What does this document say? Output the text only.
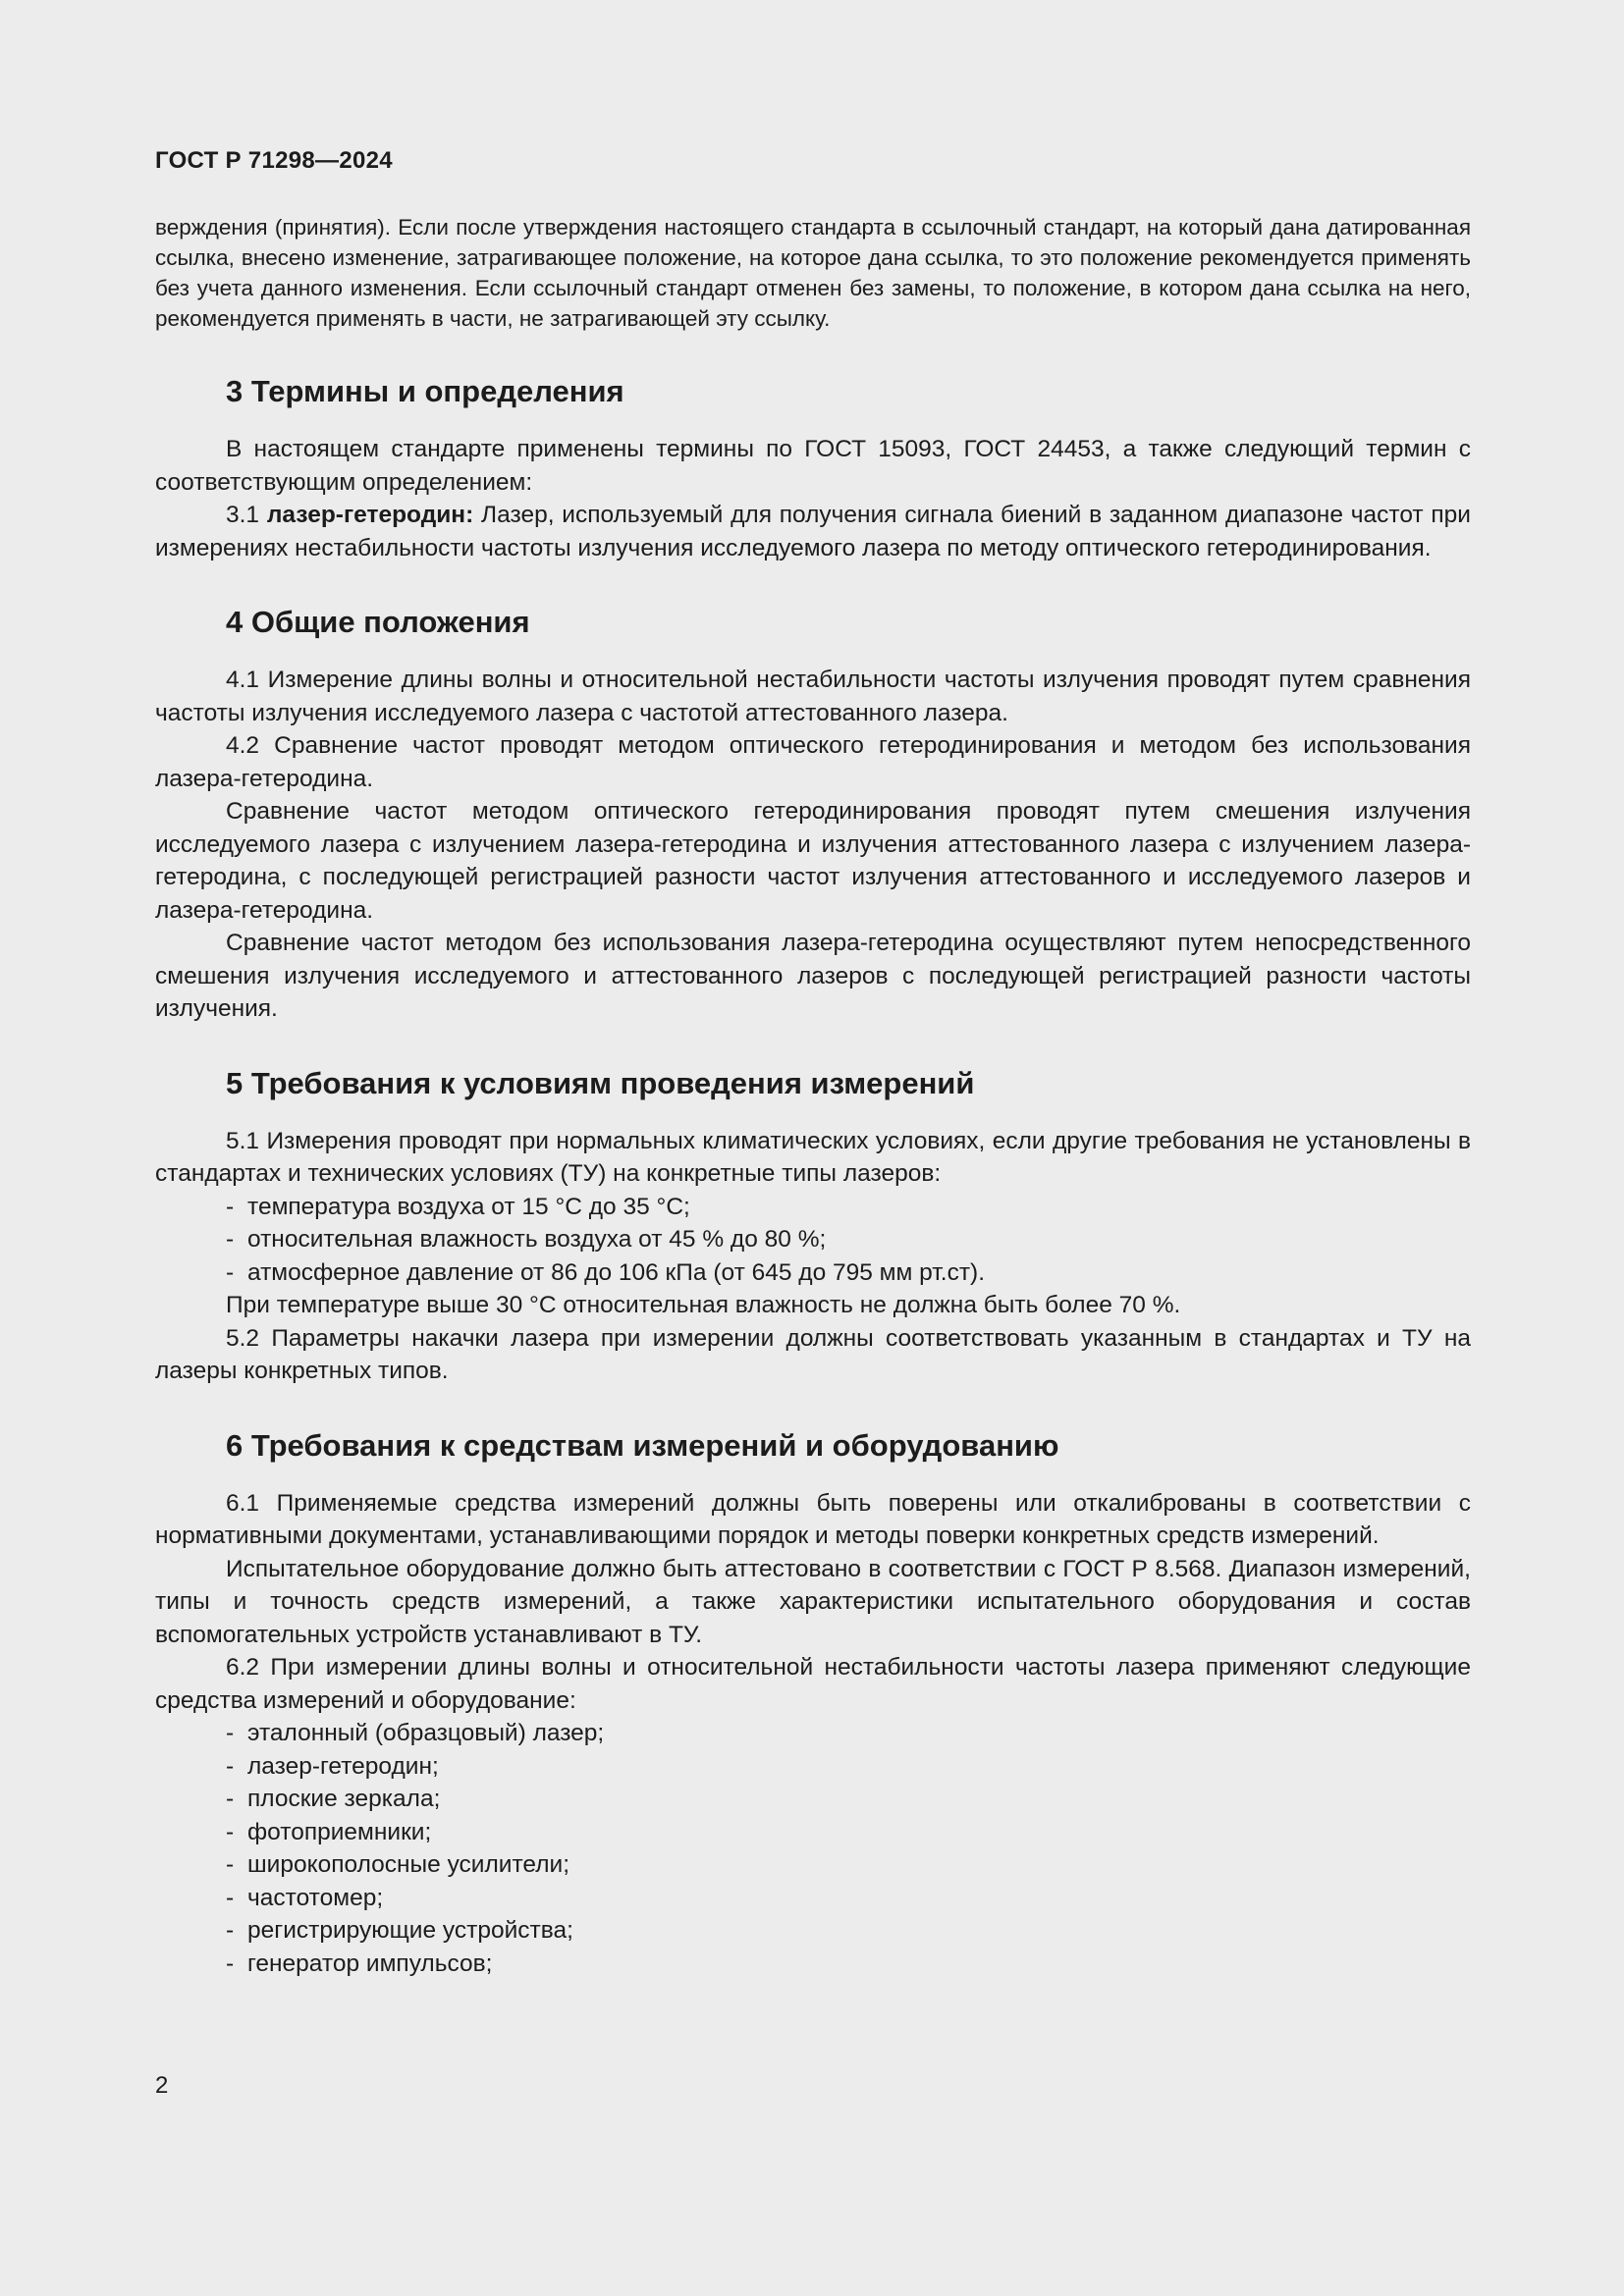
ГОСТ Р 71298—2024
верждения (принятия). Если после утверждения настоящего стандарта в ссылочный стандарт, на который дана датированная ссылка, внесено изменение, затрагивающее положение, на которое дана ссылка, то это положение рекомендуется применять без учета данного изменения. Если ссылочный стандарт отменен без замены, то положение, в котором дана ссылка на него, рекомендуется применять в части, не затрагивающей эту ссылку.
3 Термины и определения

В настоящем стандарте применены термины по ГОСТ 15093, ГОСТ 24453, а также следующий термин с соответствующим определением:

3.1 лазер-гетеродин: Лазер, используемый для получения сигнала биений в заданном диапазоне частот при измерениях нестабильности частоты излучения исследуемого лазера по методу оптического гетеродинирования.

4 Общие положения

4.1 Измерение длины волны и относительной нестабильности частоты излучения проводят путем сравнения частоты излучения исследуемого лазера с частотой аттестованного лазера.

4.2 Сравнение частот проводят методом оптического гетеродинирования и методом без использования лазера-гетеродина.

Сравнение частот методом оптического гетеродинирования проводят путем смешения излучения исследуемого лазера с излучением лазера-гетеродина и излучения аттестованного лазера с излучением лазера-гетеродина, с последующей регистрацией разности частот излучения аттестованного и исследуемого лазеров и лазера-гетеродина.

Сравнение частот методом без использования лазера-гетеродина осуществляют путем непосредственного смешения излучения исследуемого и аттестованного лазеров с последующей регистрацией разности частоты излучения.

5 Требования к условиям проведения измерений

5.1 Измерения проводят при нормальных климатических условиях, если другие требования не установлены в стандартах и технических условиях (ТУ) на конкретные типы лазеров:

- температура воздуха от 15 °С до 35 °С;
- относительная влажность воздуха от 45 % до 80 %;
- атмосферное давление от 86 до 106 кПа (от 645 до 795 мм рт.ст).

При температуре выше 30 °С относительная влажность не должна быть более 70 %.

5.2 Параметры накачки лазера при измерении должны соответствовать указанным в стандартах и ТУ на лазеры конкретных типов.

6 Требования к средствам измерений и оборудованию

6.1 Применяемые средства измерений должны быть поверены или откалиброваны в соответствии с нормативными документами, устанавливающими порядок и методы поверки конкретных средств измерений.

Испытательное оборудование должно быть аттестовано в соответствии с ГОСТ Р 8.568. Диапазон измерений, типы и точность средств измерений, а также характеристики испытательного оборудования и состав вспомогательных устройств устанавливают в ТУ.

6.2 При измерении длины волны и относительной нестабильности частоты лазера применяют следующие средства измерений и оборудование:

- эталонный (образцовый) лазер;
- лазер-гетеродин;
- плоские зеркала;
- фотоприемники;
- широкополосные усилители;
- частотомер;
- регистрирующие устройства;
- генератор импульсов;
2
